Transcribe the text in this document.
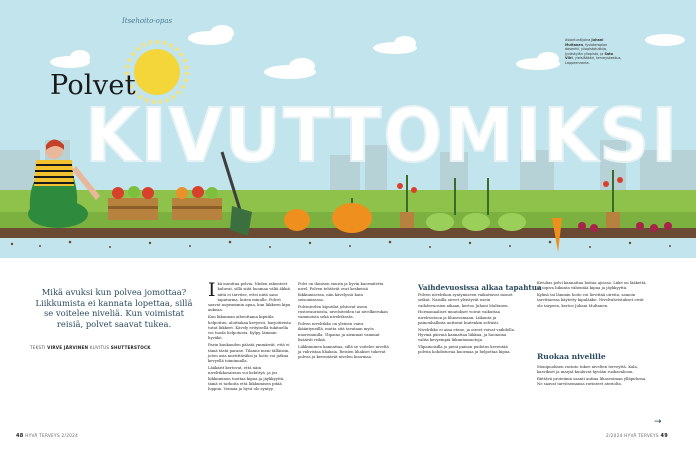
Itsehoito-opas
Polvet
KIVUTTOMIKSI
Asiantuntijoina Juhani Multanen, fysioterapian dosentti, yliopistotutkija, Jyväskylän yliopisto, ja Sato Viiri, yleislääkäri, terveyskeskus, Lappeenranta.
Mikä avuksi kun polvea jomottaa? Liikkumista ei kannata lopettaa, sillä se voitelee niveliä. Kun voimistat reisiä, polvet saavat tukea.
TEKSTI VIRVE JÄRVINEN KUVITUS SHUTTERSTOCK
I kä muuttaa polvia. Niiden rakenteet kuluvat, sillä siitä huomaa väliä äkkiä niitä ei tarvitse, ettei niitä sano tapaturma, kuten minulle. Polvet saavat nopeammin apua, kun liikkeen kipu aukeaa.

Kun liikunnan aiheuttama kiputila helpottuu, aloittakaa kevyesti, harjoitteista tutut liikkeet. Kävely erityisellä tukituella voi tuoda helpotusta. Kylpy, lämmin hyväkö.

Parin kuukauden päästä ymmärrät, että ei tämä tästä parane. Tilanne meni tälläisiin, joten asia mietittäväksi ja hoito voi jatkua kevyellä toiminnalla.

Lääkärit kertovat, että näin nivelrikkosairaus voi kehittyä, ja jos liikkuminen tuottaa kipua ja jäykkyyttä, tämä ei tarkoita että liikkumisen pitää loppua. Voimaa ja hyvä olo syntyy.

Polvi on ihmisen suurin ja hyvin kuormitettu nivel. Polven tehtävät ovat keskeisiä liikkumisessa, niin kävelyssä kuin seisomisessa.

Polvinivelen kiputilat johtuvat usein rustovaurioista, nivelsiteiden tai nivelkierukan vammoista sekä nivelrikosta.

Polven nivelrikko on yleinen vaiva ikääntyneillä, mutta sitä tavataan myös nuoremmilla. Ylipaino ja aiemmat vammat lisäävät riskiä.

Liikkuminen kannattaa, sillä se voitelee niveltä ja vahvistaa lihaksia. Reisien lihakset tukevat polvea ja keventävät nivelen kuormaa.

Vaihdevuosissa alkaa tapahtua

Polven nivelrikon syntymiseen vaikuttavat monet seikat. Naisilla oireet yleistyvät usein vaihdevuosien aikaan, kertoo Juhani Multanen.

Hormonaaliset muutokset voivat vaikuttaa nivelrustoon ja lihasvoimaan. Liikunta ja painonhallinta auttavat kuitenkin selvästi.

Nivelrikko ei aina etene, ja oireet voivat vaihdella. Hyvinä päivinä kannattaa liikkua, ja huonoina valita kevyempiä liikuntamuotoja.

Ylipainoisilla jo pieni painon pudotus keventää polviin kohdistuvaa kuormaa ja helpottaa kipua.

Kivulias polvi kannattaa hoitaa ajoissa. Liike on lääkettä, ja sopiva liikunta vähentää kipua ja jäykkyyttä.

Kylmä tai lämmin hoito voi lievittää oireita, samoin tarvittaessa käytetty kipulääke. Nivelvahvistukset eivät ole tarpeen, kertoo Juhani Multanen.

Ruokaa nivelille

Monipuolinen ravinto tukee nivelten terveyttä. Kala, kasvikset ja marjat kuuluvat hyvään ruokavalioon.

Riittävä proteiinin saanti auttaa lihasvoiman ylläpidossa. Ne saavat tarvitsemansa ravinteet ateriolta.

→
48 HYVÄ TERVEYS 2/2024	2/2024 HYVÄ TERVEYS 49
